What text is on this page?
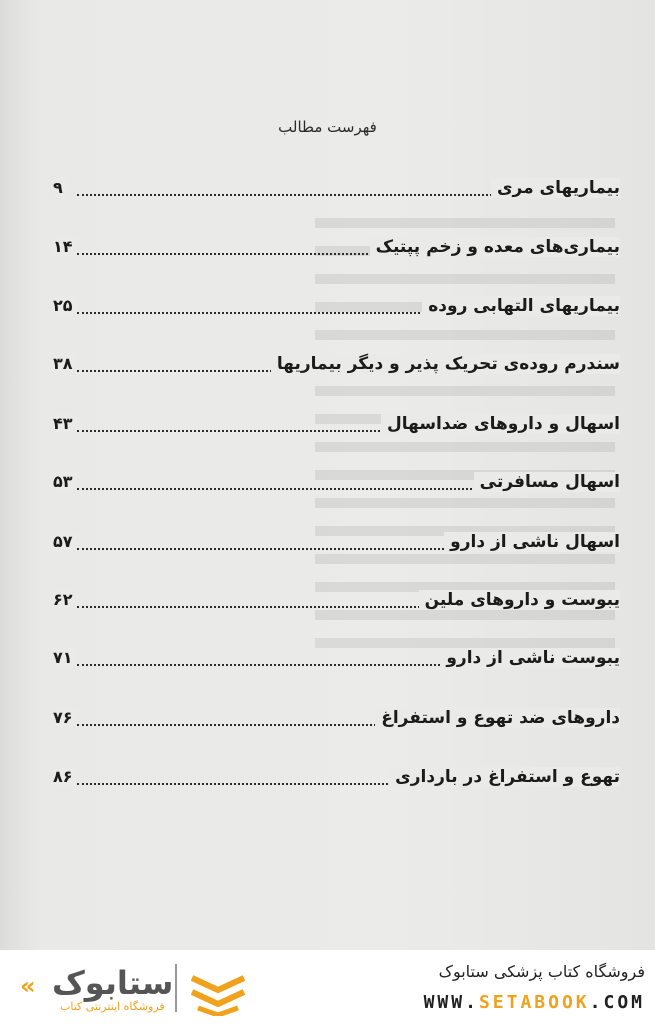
فهرست مطالب
بیماریهای مری
۹
بیماری‌های معده و زخم پپتیک
۱۴
بیماریهای التهابی روده
۲۵
سندرم روده‌ی تحریک پذیر و دیگر بیماریها
۳۸
اسهال و داروهای ضداسهال
۴۳
اسهال مسافرتی
۵۳
اسهال ناشی از دارو
۵۷
یبوست و داروهای ملین
۶۲
یبوست ناشی از دارو
۷۱
داروهای ضد تهوع و استفراغ
۷۶
تهوع و استفراغ در بارداری
۸۶
« ستابوک
فروشگاه اینترنتی کتاب
فروشگاه کتاب پزشکی ستابوک
WWW.SETABOOK.COM
